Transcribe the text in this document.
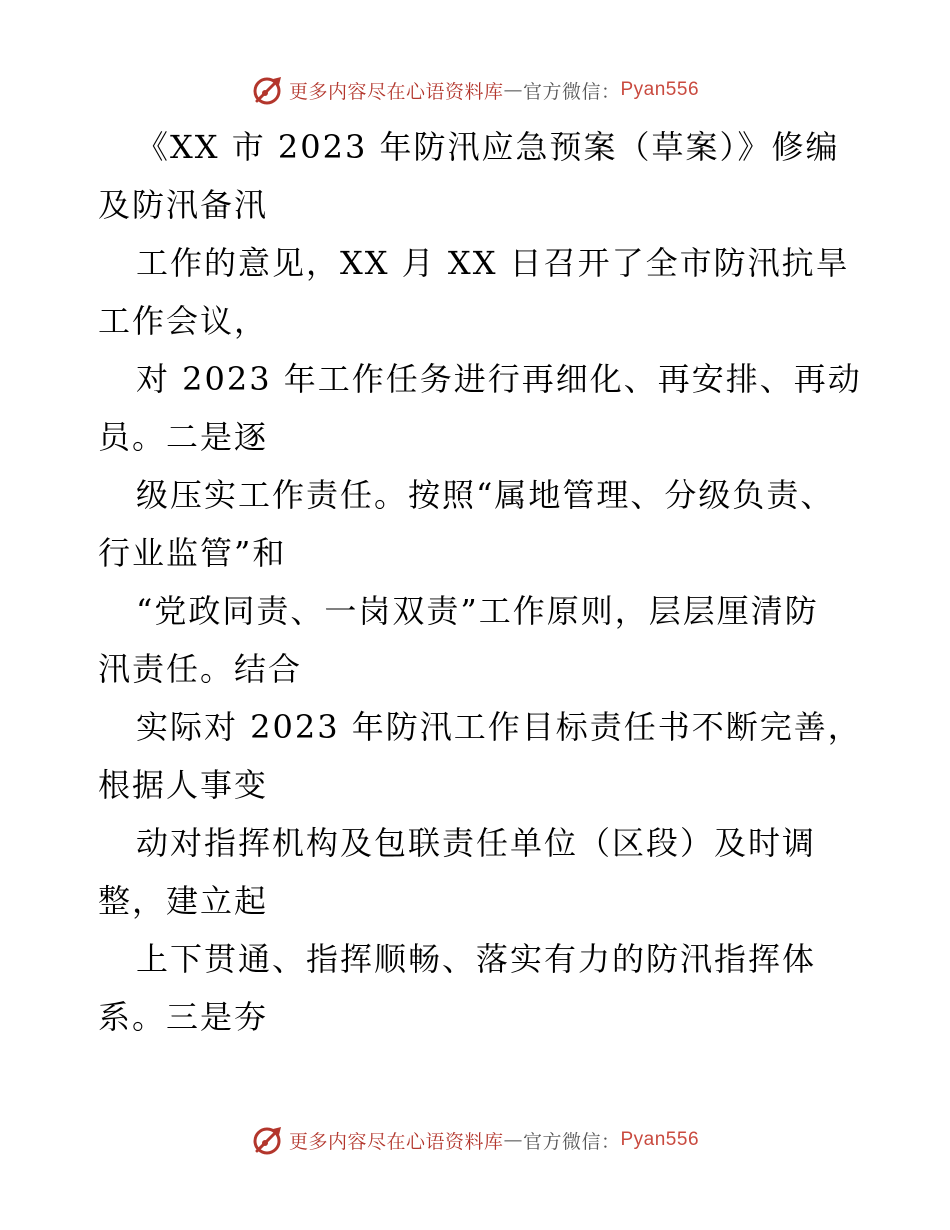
更多内容尽在心语资料库 — 官方微信： Pyan556

《XX 市 2023 年防汛应急预案（草案）》修编
及防汛备汛

工作的意见，XX 月 XX 日召开了全市防汛抗旱
工作会议，

对 2023 年工作任务进行再细化、再安排、再动
员。二是逐

级压实工作责任。按照“属地管理、分级负责、
行业监管”和

“党政同责、一岗双责”工作原则，层层厘清防
汛责任。结合

实际对 2023 年防汛工作目标责任书不断完善，
根据人事变

动对指挥机构及包联责任单位（区段）及时调
整，建立起

上下贯通、指挥顺畅、落实有力的防汛指挥体
系。三是夯

更多内容尽在心语资料库 — 官方微信： Pyan556
